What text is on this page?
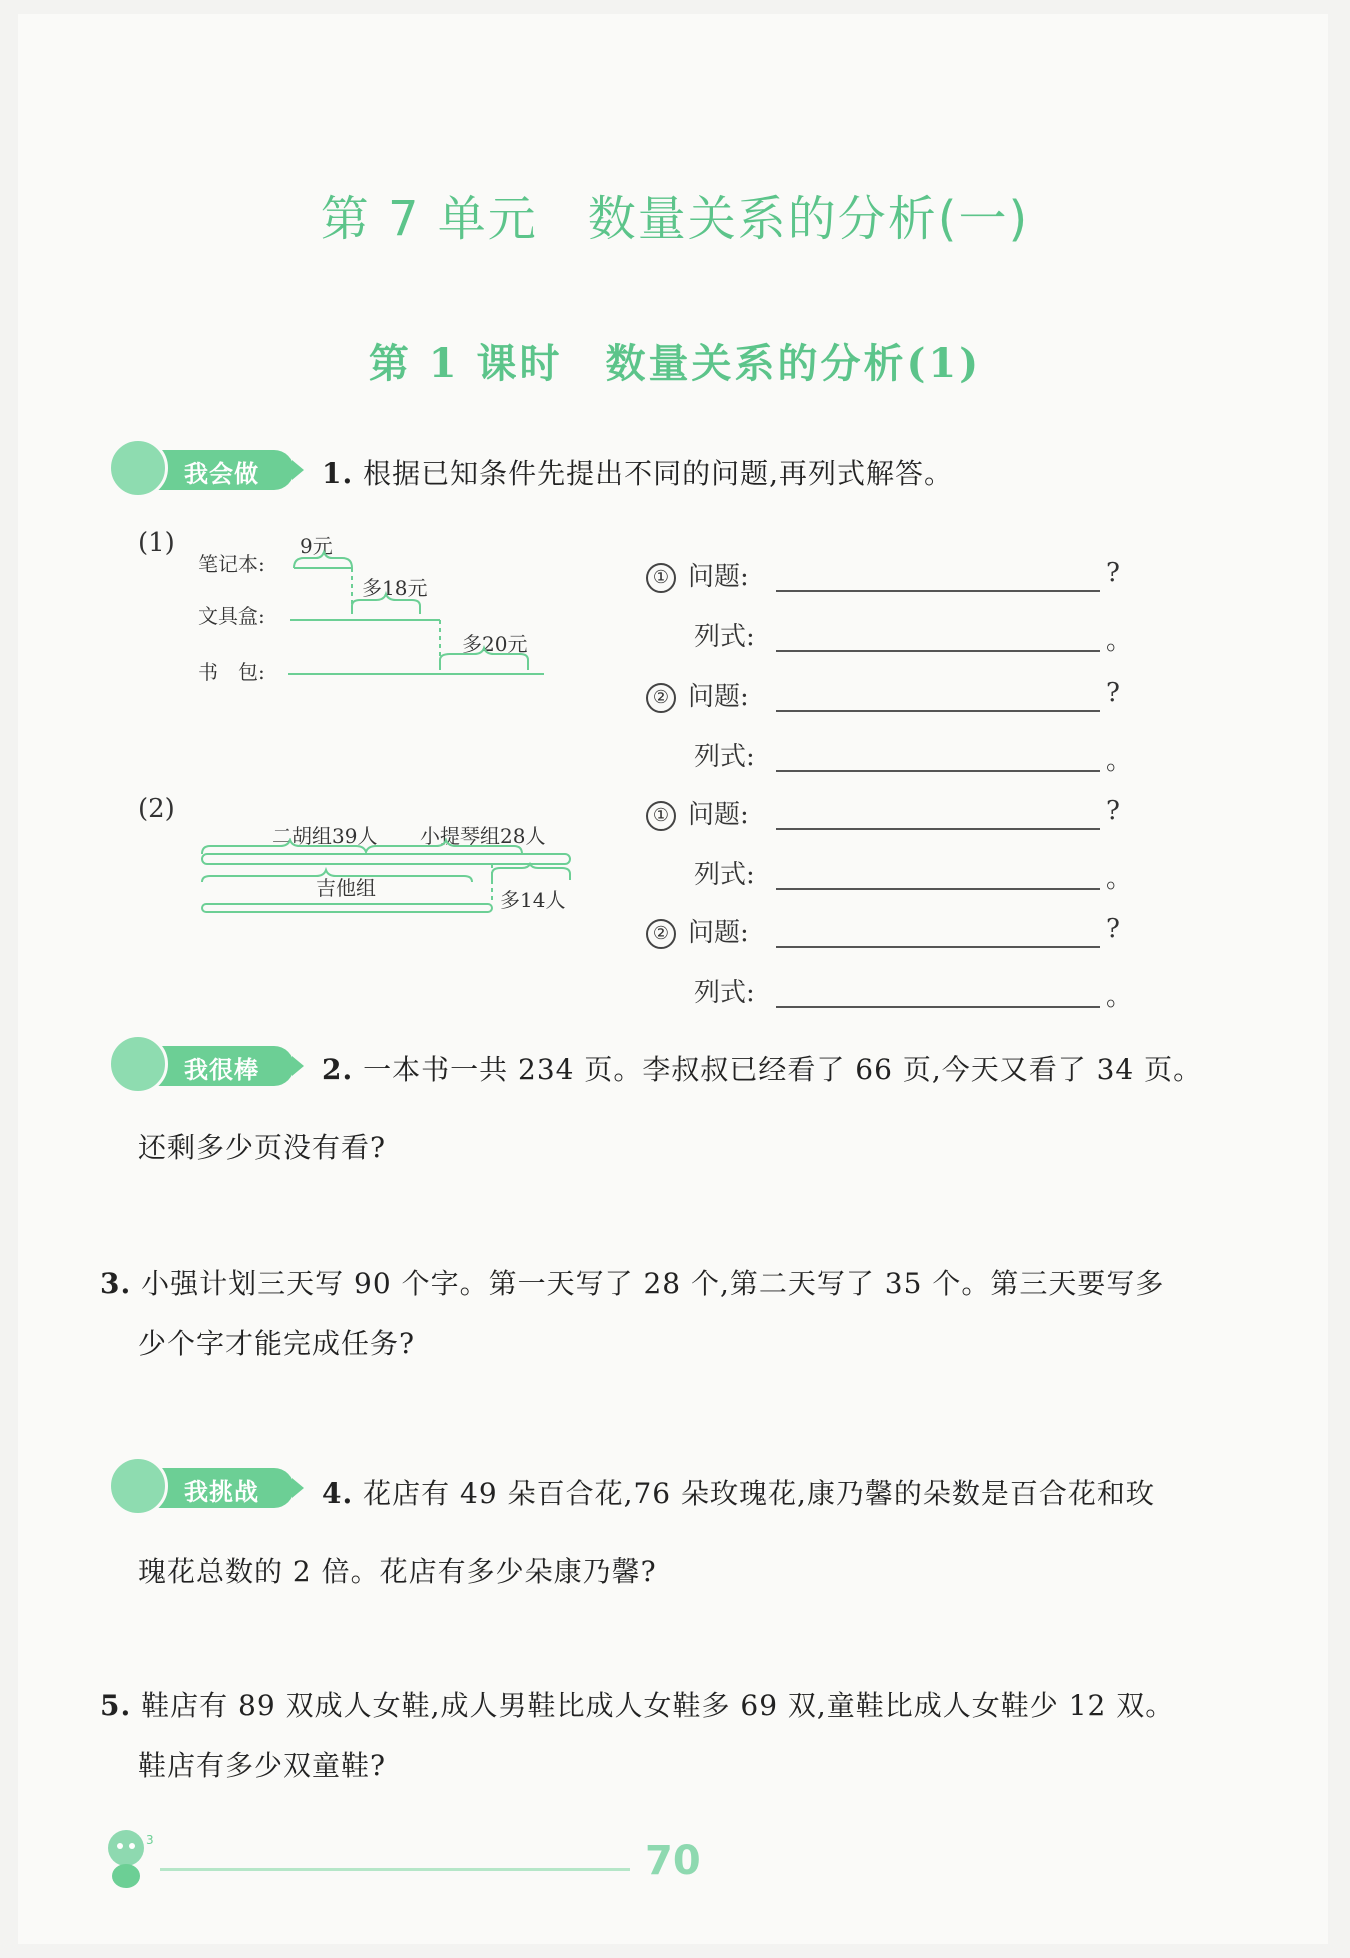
第 7 单元　数量关系的分析(一)
第 1 课时　数量关系的分析(1)
我会做 1. 根据已知条件先提出不同的问题,再列式解答。
(1)
笔记本:
文具盒:
书　包:
9元
多18元
多20元
(2)
二胡组39人 小提琴组28人
吉他组	多14人
① 问题:	?
列式:	。
② 问题:	?
列式:	。
① 问题:	?
列式:	。
② 问题:	?
列式:	。
我很棒 2. 一本书一共 234 页。李叔叔已经看了 66 页,今天又看了 34 页。
还剩多少页没有看?
3. 小强计划三天写 90 个字。第一天写了 28 个,第二天写了 35 个。第三天要写多
少个字才能完成任务?
我挑战 4. 花店有 49 朵百合花,76 朵玫瑰花,康乃馨的朵数是百合花和玫
瑰花总数的 2 倍。花店有多少朵康乃馨?
5. 鞋店有 89 双成人女鞋,成人男鞋比成人女鞋多 69 双,童鞋比成人女鞋少 12 双。
鞋店有多少双童鞋?
3	70
